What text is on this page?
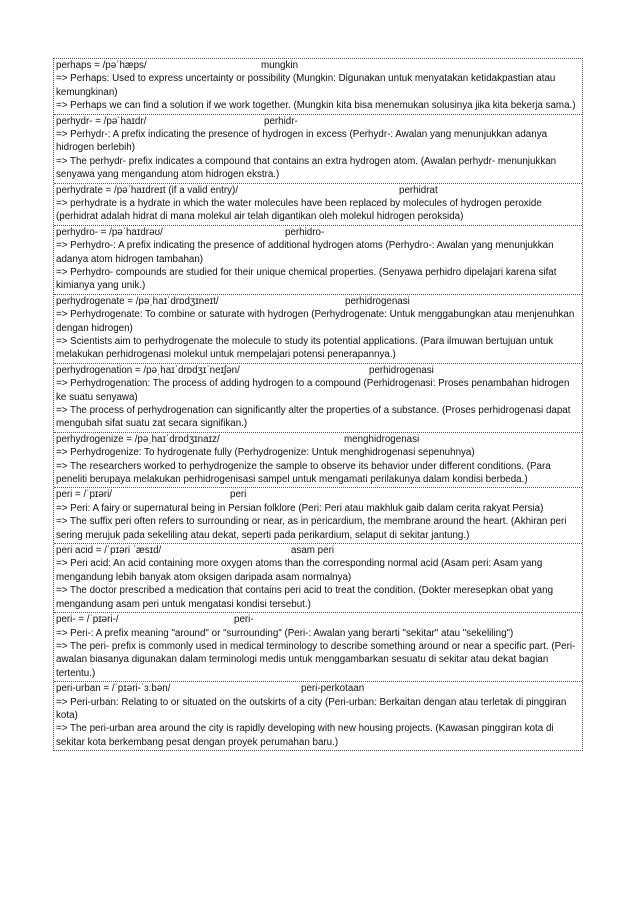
perhaps = /pəˈhæps/	mungkin
=> Perhaps: Used to express uncertainty or possibility (Mungkin: Digunakan untuk menyatakan ketidakpastian atau kemungkinan)
=> Perhaps we can find a solution if we work together. (Mungkin kita bisa menemukan solusinya jika kita bekerja sama.)
perhydr- = /pəˈhaɪdr/	perhidr-
=> Perhydr-: A prefix indicating the presence of hydrogen in excess (Perhydr-: Awalan yang menunjukkan adanya hidrogen berlebih)
=> The perhydr- prefix indicates a compound that contains an extra hydrogen atom. (Awalan perhydr- menunjukkan senyawa yang mengandung atom hidrogen ekstra.)
perhydrate = /pəˈhaɪdreɪt (if a valid entry)/	perhidrat
=> perhydrate is a hydrate in which the water molecules have been replaced by molecules of hydrogen peroxide (perhidrat adalah hidrat di mana molekul air telah digantikan oleh molekul hidrogen peroksida)
perhydro- = /pəˈhaɪdrəʊ/	perhidro-
=> Perhydro-: A prefix indicating the presence of additional hydrogen atoms (Perhydro-: Awalan yang menunjukkan adanya atom hidrogen tambahan)
=> Perhydro- compounds are studied for their unique chemical properties. (Senyawa perhidro dipelajari karena sifat kimianya yang unik.)
perhydrogenate = /pəˌhaɪˈdrɒdʒɪneɪt/	perhidrogenasi
=> Perhydrogenate: To combine or saturate with hydrogen (Perhydrogenate: Untuk menggabungkan atau menjenuhkan dengan hidrogen)
=> Scientists aim to perhydrogenate the molecule to study its potential applications. (Para ilmuwan bertujuan untuk melakukan perhidrogenasi molekul untuk mempelajari potensi penerapannya.)
perhydrogenation = /pəˌhaɪˈdrɒdʒɪˈneɪʃən/	perhidrogenasi
=> Perhydrogenation: The process of adding hydrogen to a compound (Perhidrogenasi: Proses penambahan hidrogen ke suatu senyawa)
=> The process of perhydrogenation can significantly alter the properties of a substance. (Proses perhidrogenasi dapat mengubah sifat suatu zat secara signifikan.)
perhydrogenize = /pəˌhaɪˈdrɒdʒɪnaɪz/	menghidrogenasi
=> Perhydrogenize: To hydrogenate fully (Perhydrogenize: Untuk menghidrogenasi sepenuhnya)
=> The researchers worked to perhydrogenize the sample to observe its behavior under different conditions. (Para peneliti berupaya melakukan perhidrogenisasi sampel untuk mengamati perilakunya dalam kondisi berbeda.)
peri = /ˈpɪəri/	peri
=> Peri: A fairy or supernatural being in Persian folklore (Peri: Peri atau makhluk gaib dalam cerita rakyat Persia)
=> The suffix peri often refers to surrounding or near, as in pericardium, the membrane around the heart. (Akhiran peri sering merujuk pada sekeliling atau dekat, seperti pada perikardium, selaput di sekitar jantung.)
peri acid = /ˈpɪəri ˈæsɪd/	asam peri
=> Peri acid: An acid containing more oxygen atoms than the corresponding normal acid (Asam peri: Asam yang mengandung lebih banyak atom oksigen daripada asam normalnya)
=> The doctor prescribed a medication that contains peri acid to treat the condition. (Dokter meresepkan obat yang mengandung asam peri untuk mengatasi kondisi tersebut.)
peri- = /ˈpɪəri-/	peri-
=> Peri-: A prefix meaning "around" or "surrounding" (Peri-: Awalan yang berarti "sekitar" atau "sekeliling")
=> The peri- prefix is commonly used in medical terminology to describe something around or near a specific part. (Peri-awalan biasanya digunakan dalam terminologi medis untuk menggambarkan sesuatu di sekitar atau dekat bagian tertentu.)
peri-urban = /ˈpɪəri-ˈɜːbən/	peri-perkotaan
=> Peri-urban: Relating to or situated on the outskirts of a city (Peri-urban: Berkaitan dengan atau terletak di pinggiran kota)
=> The peri-urban area around the city is rapidly developing with new housing projects. (Kawasan pinggiran kota di sekitar kota berkembang pesat dengan proyek perumahan baru.)
